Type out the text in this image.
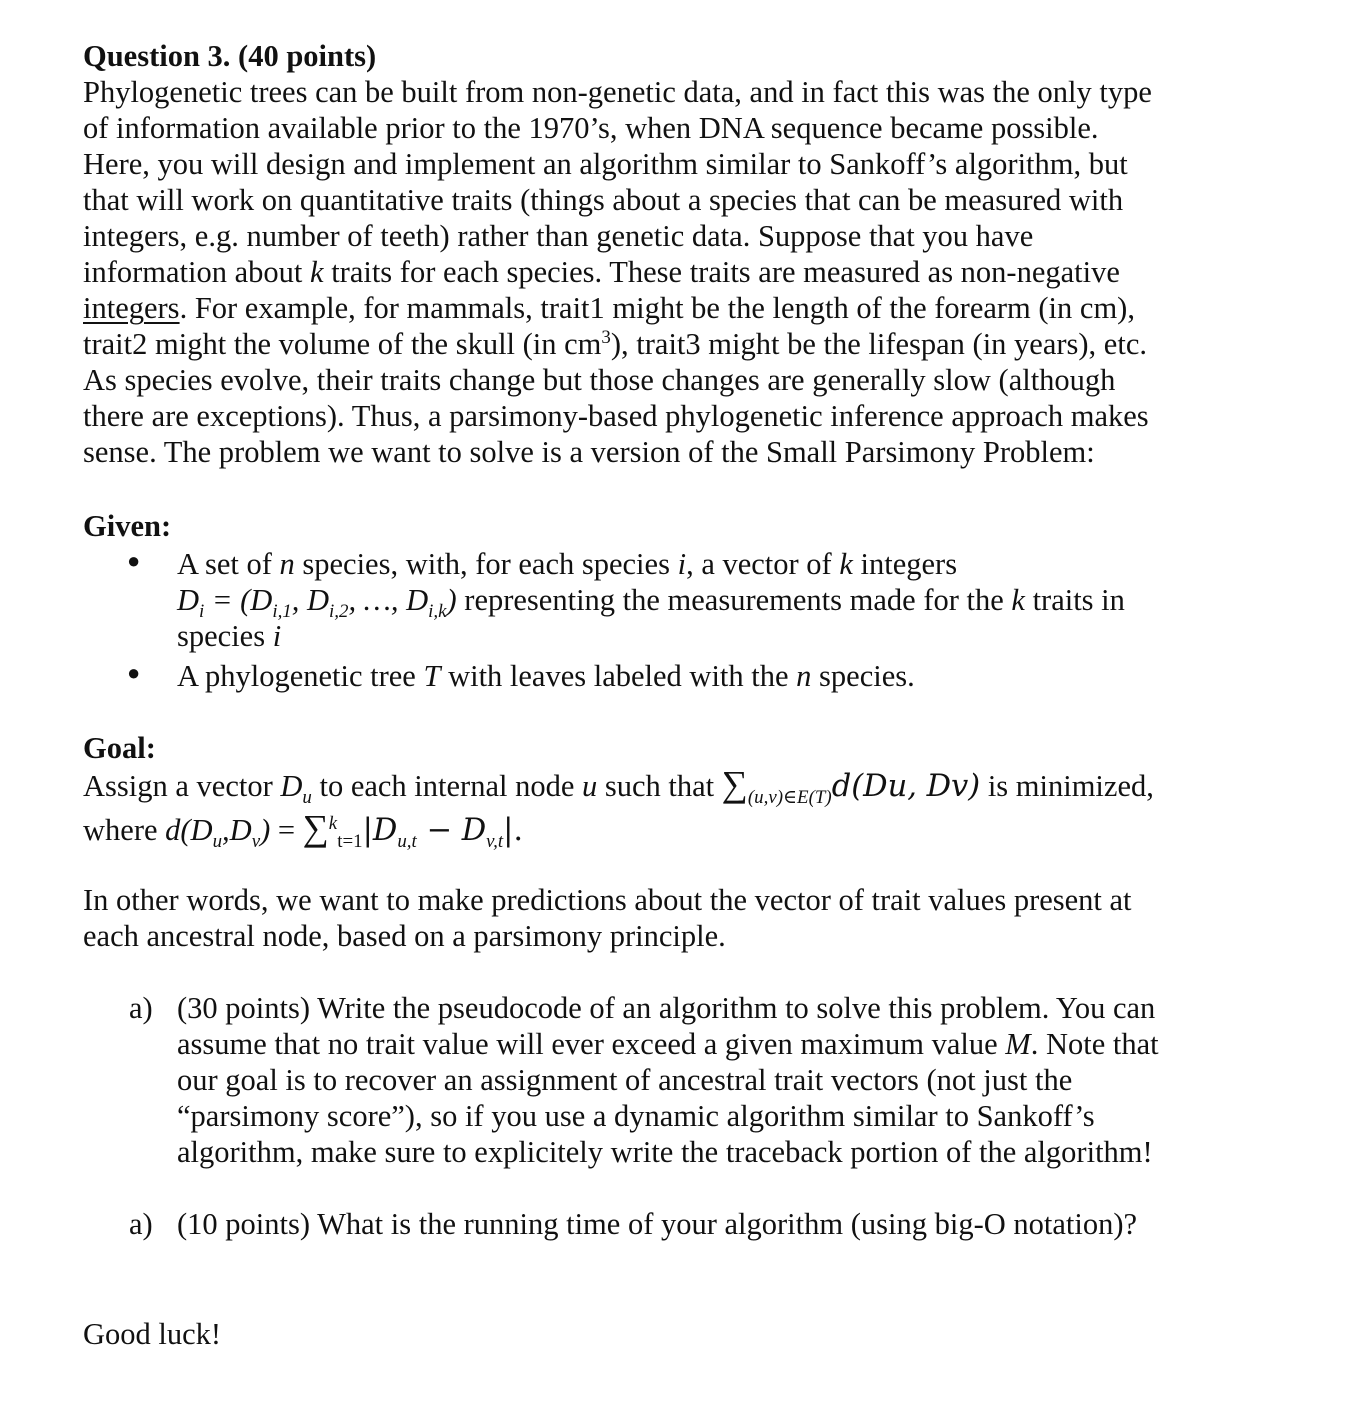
Question 3. (40 points)
Phylogenetic trees can be built from non-genetic data, and in fact this was the only type
of information available prior to the 1970’s, when DNA sequence became possible.
Here, you will design and implement an algorithm similar to Sankoff’s algorithm, but
that will work on quantitative traits (things about a species that can be measured with
integers, e.g. number of teeth) rather than genetic data. Suppose that you have
information about k traits for each species. These traits are measured as non-negative
integers. For example, for mammals, trait1 might be the length of the forearm (in cm),
trait2 might the volume of the skull (in $cm^3$), trait3 might be the lifespan (in years), etc.
As species evolve, their traits change but those changes are generally slow (although
there are exceptions). Thus, a parsimony-based phylogenetic inference approach makes
sense. The problem we want to solve is a version of the Small Parsimony Problem:
Given:
● A set of n species, with, for each species i, a vector of k integers
$D_i = (D_{i,1}$, $D_{i,2}$, …, $D_{i,k}$) representing the measurements made for the k traits in
species i
● A phylogenetic tree T with leaves labeled with the n species.
Goal:
Assign a vector $D_u$ to each internal node u such that $\sum_{(u,v)\in E(T)}d(Du$, Dv) is minimized,
where $d(D_u,D_v) = \sum^k_{t=1}|D_{u,t} - D_{v,t}|$.
In other words, we want to make predictions about the vector of trait values present at
each ancestral node, based on a parsimony principle.
a) (30 points) Write the pseudocode of an algorithm to solve this problem. You can
assume that no trait value will ever exceed a given maximum value M. Note that
our goal is to recover an assignment of ancestral trait vectors (not just the
“parsimony score”), so if you use a dynamic algorithm similar to Sankoff’s
algorithm, make sure to explicitely write the traceback portion of the algorithm!
a) (10 points) What is the running time of your algorithm (using big-O notation)?
Good luck!
